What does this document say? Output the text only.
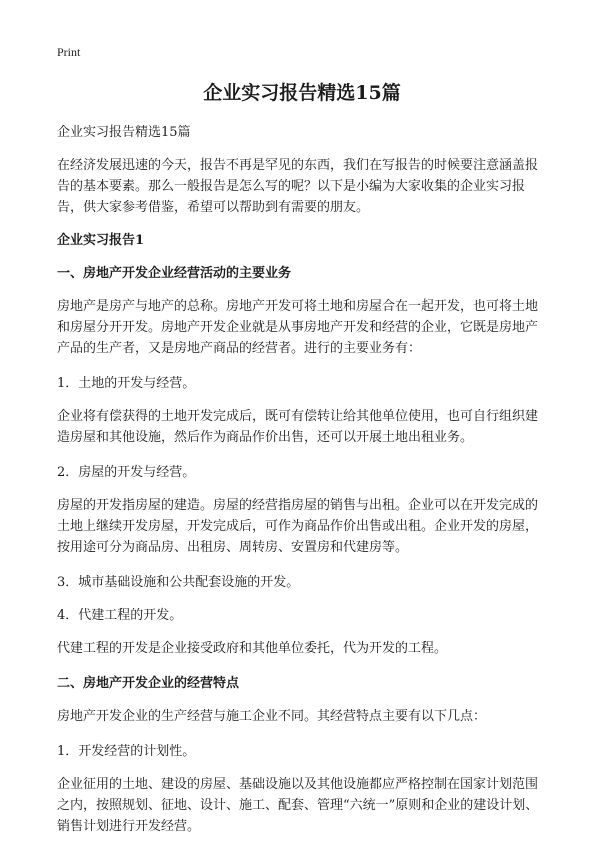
Print
企业实习报告精选15篇

企业实习报告精选15篇

在经济发展迅速的今天，报告不再是罕见的东西，我们在写报告的时候要注意涵盖报告的基本要素。那么一般报告是怎么写的呢？以下是小编为大家收集的企业实习报告，供大家参考借鉴，希望可以帮助到有需要的朋友。

企业实习报告1
一、房地产开发企业经营活动的主要业务

房地产是房产与地产的总称。房地产开发可将土地和房屋合在一起开发，也可将土地和房屋分开开发。房地产开发企业就是从事房地产开发和经营的企业，它既是房地产产品的生产者，又是房地产商品的经营者。进行的主要业务有：

1．土地的开发与经营。

企业将有偿获得的土地开发完成后，既可有偿转让给其他单位使用，也可自行组织建造房屋和其他设施，然后作为商品作价出售，还可以开展土地出租业务。

2．房屋的开发与经营。

房屋的开发指房屋的建造。房屋的经营指房屋的销售与出租。企业可以在开发完成的土地上继续开发房屋，开发完成后，可作为商品作价出售或出租。企业开发的房屋，按用途可分为商品房、出租房、周转房、安置房和代建房等。

3．城市基础设施和公共配套设施的开发。

4．代建工程的开发。

代建工程的开发是企业接受政府和其他单位委托，代为开发的工程。

二、房地产开发企业的经营特点

房地产开发企业的生产经营与施工企业不同。其经营特点主要有以下几点：

1．开发经营的计划性。

企业征用的土地、建设的房屋、基础设施以及其他设施都应严格控制在国家计划范围之内，按照规划、征地、设计、施工、配套、管理“六统一”原则和企业的建设计划、销售计划进行开发经营。
